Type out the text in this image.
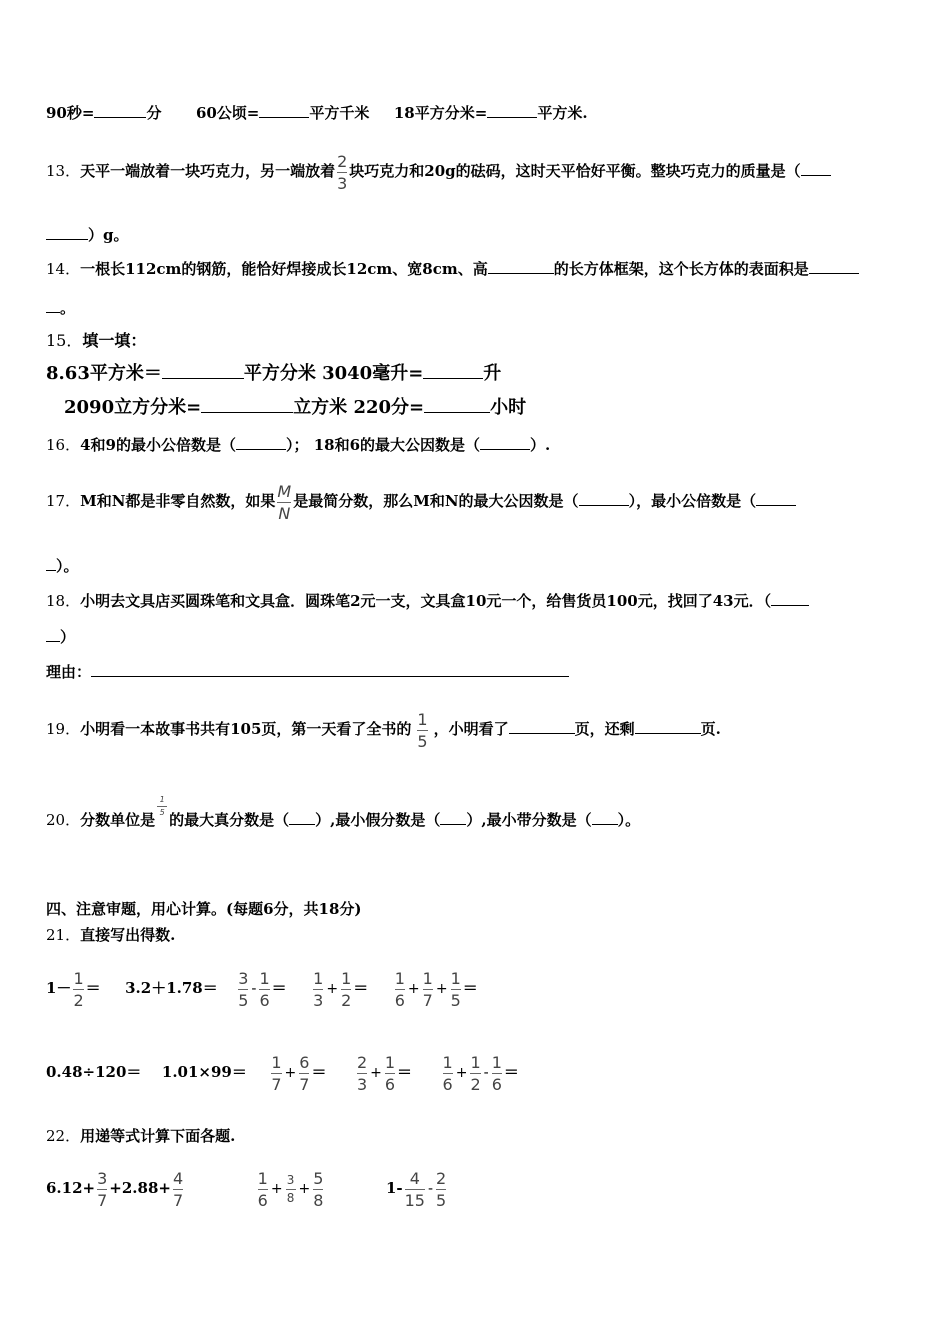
90秒=	分 60公顷=	平方千米 18平方分米=	平方米.
13．天平一端放着一块巧克力，另一端放着 $\frac{2}{3}$ 块巧克力和20g的砝码，这时天平恰好平衡。整块巧克力的质量是（
）g。
14．一根长112cm的钢筋，能恰好焊接成长12cm、宽8cm、高	的长方体框架，这个长方体的表面积是
。
15．填一填：
8.63平方米＝	平方分米 3040毫升=	升
2090立方分米=	立方米 220分=	小时
16．4和9的最小公倍数是（	）； 18和6的最大公因数是（	）.
17．M和N都是非零自然数，如果 $\frac{M}{N}$ 是最简分数，那么M和N的最大公因数是（	），最小公倍数是（
）。
18．小明去文具店买圆珠笔和文具盒．圆珠笔2元一支，文具盒10元一个，给售货员100元，找回了43元．（
）
理由：
19．小明看一本故事书共有105页，第一天看了全书的 $\frac{1}{5}$ ，小明看了	页，还剩	页.
20．分数单位是
$\frac{1}{5}$
的最大真分数是（ ）,最小假分数是（ ）,最小带分数是（ ）。
四、注意审题，用心计算。(每题6分，共18分)
21．直接写出得数.
$1- \frac{1}{2} = 3.2+1.78= \frac{3}{5} - \frac{1}{6} = \frac{1}{3} + \frac{1}{2} = \frac{1}{6} + \frac{1}{7} + \frac{1}{5}$ ＝
$0.48\div 120= 1.01\times 99= \frac{1}{7} + \frac{6}{7} = \frac{2}{3} + \frac{1}{6} = \frac{1}{6} + \frac{1}{2} - \frac{1}{6}$ ＝
22．用递等式计算下面各题.
$6.12+ \frac{3}{7} +2.88+ \frac{4}{7}$
	$\frac{1}{6} + \frac{3}{8} + \frac{5}{8}$	$1- \frac{4}{15} - \frac{2}{5}$
